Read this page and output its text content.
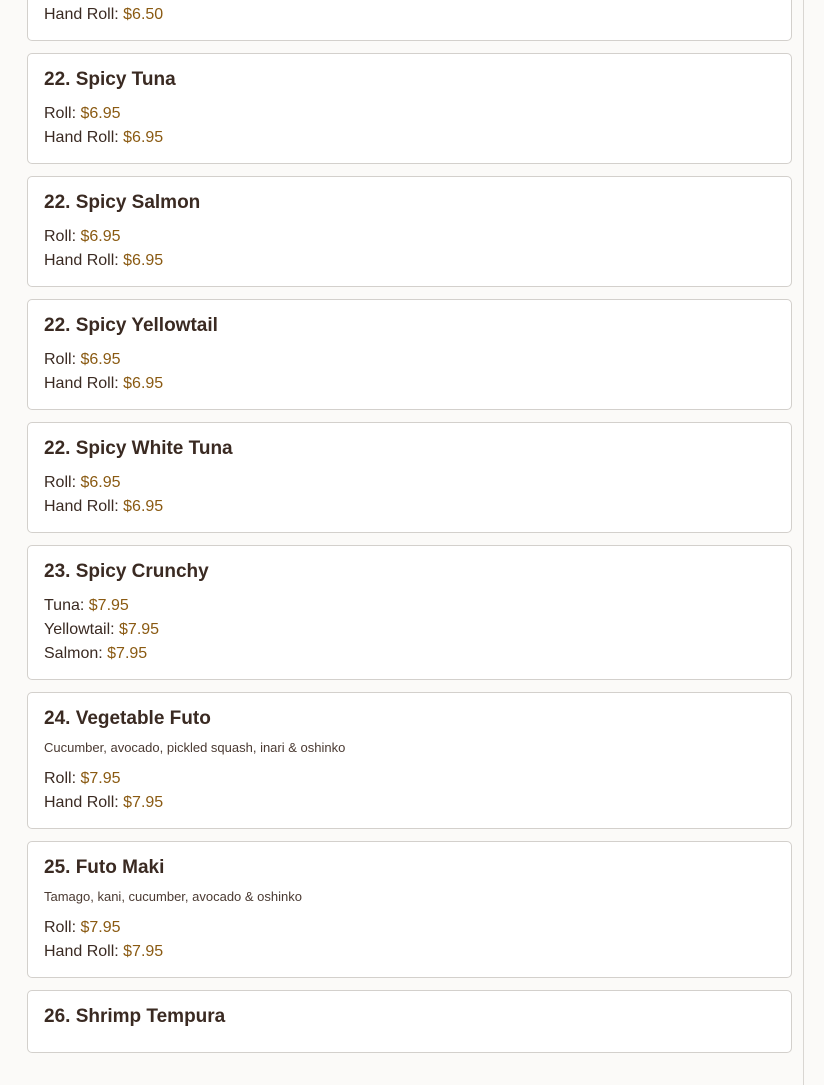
Hand Roll: $6.50
22. Spicy Tuna
Roll: $6.95
Hand Roll: $6.95
22. Spicy Salmon
Roll: $6.95
Hand Roll: $6.95
22. Spicy Yellowtail
Roll: $6.95
Hand Roll: $6.95
22. Spicy White Tuna
Roll: $6.95
Hand Roll: $6.95
23. Spicy Crunchy
Tuna: $7.95
Yellowtail: $7.95
Salmon: $7.95
24. Vegetable Futo
Cucumber, avocado, pickled squash, inari & oshinko
Roll: $7.95
Hand Roll: $7.95
25. Futo Maki
Tamago, kani, cucumber, avocado & oshinko
Roll: $7.95
Hand Roll: $7.95
26. Shrimp Tempura
